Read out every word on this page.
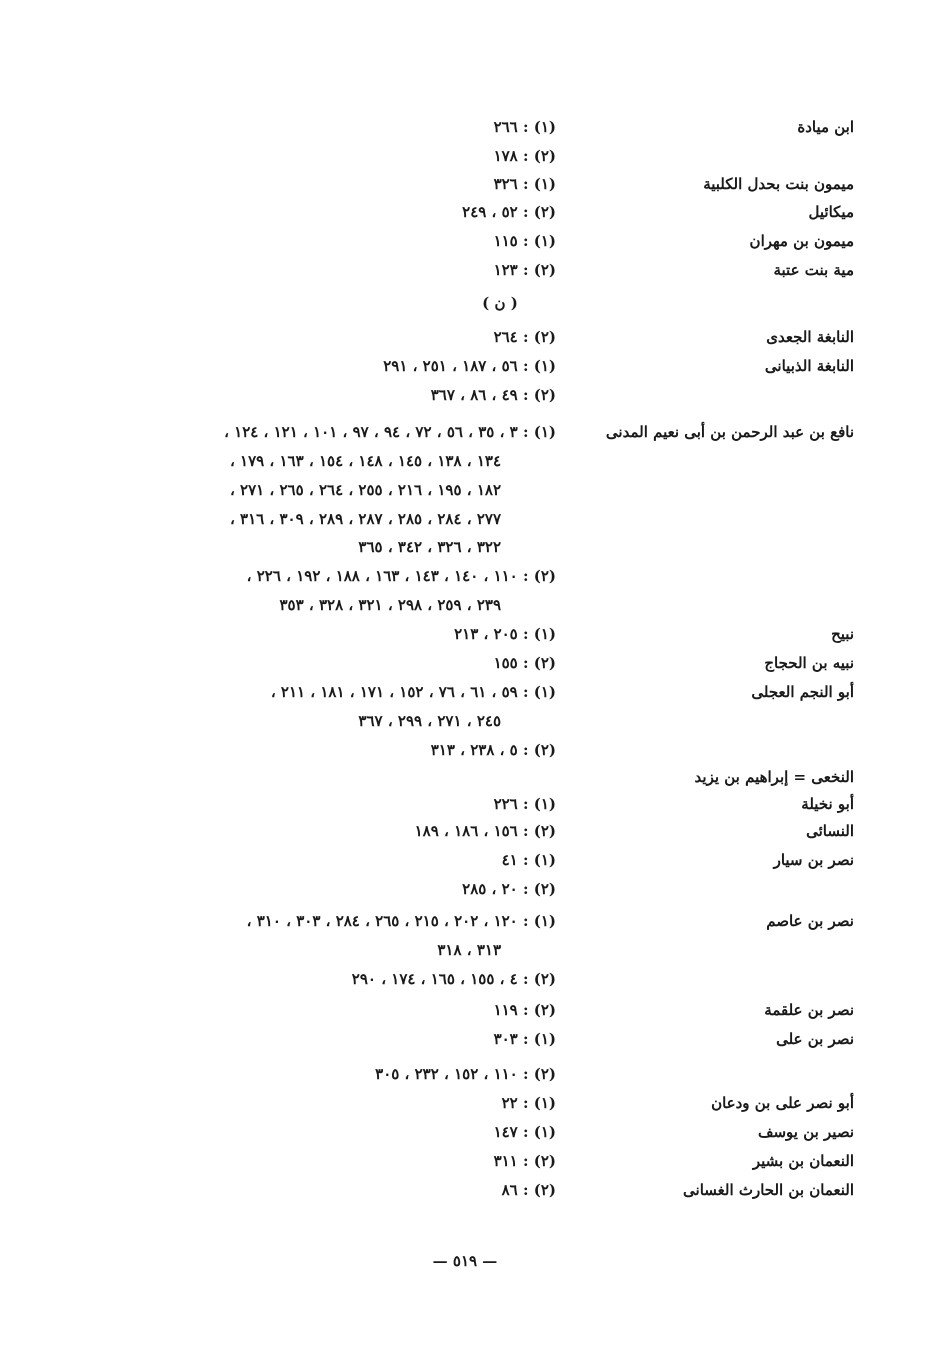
ابن ميادة
(١) : ٢٦٦
(٢) : ١٧٨
ميمون بنت بحدل الكلبية
(١) : ٣٢٦
ميكائيل
(٢) : ٥٢ ، ٢٤٩
ميمون بن مهران
(١) : ١١٥
مية بنت عتبة
(٢) : ١٢٣
النابغة الجعدى
(٢) : ٢٦٤
النابغة الذبيانى
(١) : ٥٦ ، ١٨٧ ، ٢٥١ ، ٢٩١
(٢) : ٤٩ ، ٨٦ ، ٣٦٧
نافع بن عبد الرحمن بن أبى نعيم المدنى
(١) : ٣ ، ٣٥ ، ٥٦ ، ٧٢ ، ٩٤ ، ٩٧ ، ١٠١ ، ١٢١ ، ١٢٤ ،
١٣٤ ، ١٣٨ ، ١٤٥ ، ١٤٨ ، ١٥٤ ، ١٦٣ ، ١٧٩ ،
١٨٢ ، ١٩٥ ، ٢١٦ ، ٢٥٥ ، ٢٦٤ ، ٢٦٥ ، ٢٧١ ،
٢٧٧ ، ٢٨٤ ، ٢٨٥ ، ٢٨٧ ، ٢٨٩ ، ٣٠٩ ، ٣١٦ ،
٣٢٢ ، ٣٢٦ ، ٣٤٢ ، ٣٦٥
(٢) : ١١٠ ، ١٤٠ ، ١٤٣ ، ١٦٣ ، ١٨٨ ، ١٩٢ ، ٢٢٦ ،
٢٣٩ ، ٢٥٩ ، ٢٩٨ ، ٣٢١ ، ٣٢٨ ، ٣٥٣
نبيح
(١) : ٢٠٥ ، ٢١٣
نبيه بن الحجاج
(٢) : ١٥٥
أبو النجم العجلى
(١) : ٥٩ ، ٦١ ، ٧٦ ، ١٥٢ ، ١٧١ ، ١٨١ ، ٢١١ ،
٢٤٥ ، ٢٧١ ، ٢٩٩ ، ٣٦٧
(٢) : ٥ ، ٢٣٨ ، ٣١٣
النخعى = إبراهيم بن يزيد
أبو نخيلة
(١) : ٢٢٦
النسائى
(٢) : ١٥٦ ، ١٨٦ ، ١٨٩
نصر بن سيار
(١) : ٤١
(٢) : ٢٠ ، ٢٨٥
نصر بن عاصم
(١) : ١٢٠ ، ٢٠٢ ، ٢١٥ ، ٢٦٥ ، ٢٨٤ ، ٣٠٣ ، ٣١٠ ،
٣١٣ ، ٣١٨
(٢) : ٤ ، ١٥٥ ، ١٦٥ ، ١٧٤ ، ٢٩٠
نصر بن علقمة
(٢) : ١١٩
نصر بن على
(١) : ٣٠٣
(٢) : ١١٠ ، ١٥٢ ، ٢٣٢ ، ٣٠٥
أبو نصر على بن ودعان
(١) : ٢٢
نصير بن يوسف
(١) : ١٤٧
النعمان بن بشير
(٢) : ٣١١
النعمان بن الحارث الغسانى
(٢) : ٨٦
( ن )
— ٥١٩ —
